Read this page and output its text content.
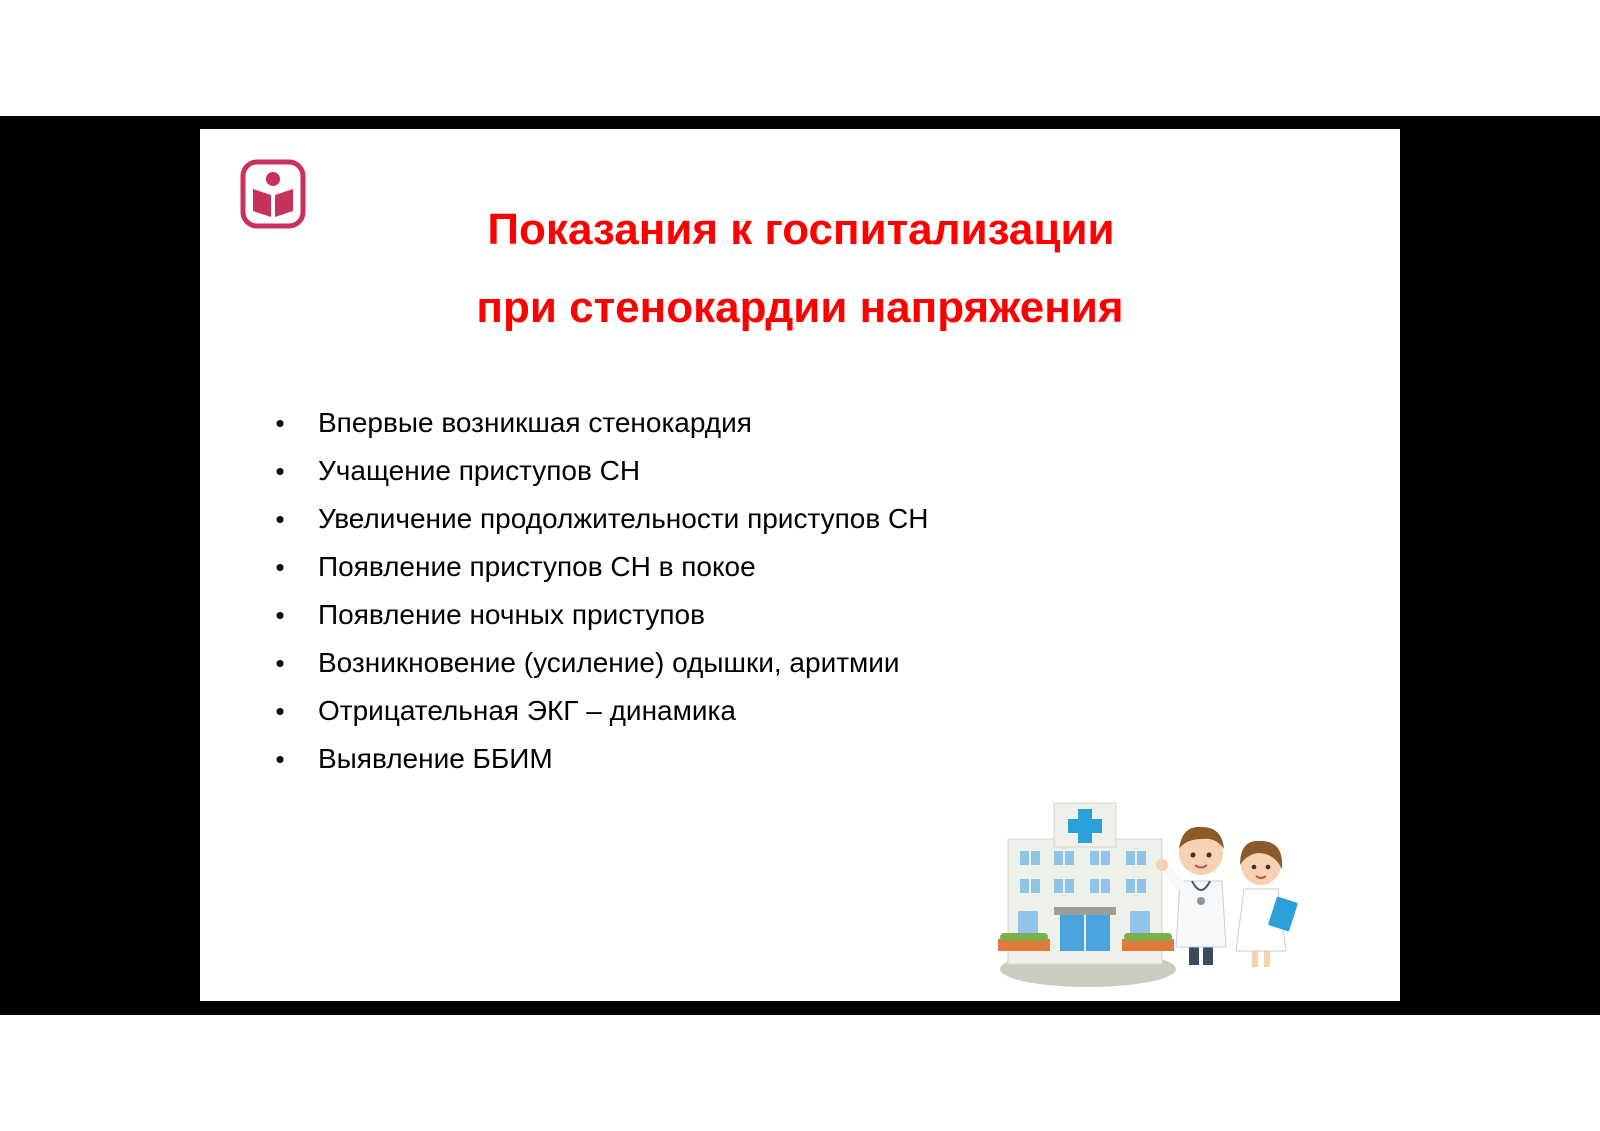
Показания к госпитализации
при стенокардии напряжения
• Впервые возникшая стенокардия
• Учащение приступов СН
• Увеличение продолжительности приступов СН
• Появление приступов СН в покое
• Появление ночных приступов
• Возникновение (усиление) одышки, аритмии
• Отрицательная ЭКГ – динамика
• Выявление ББИМ
